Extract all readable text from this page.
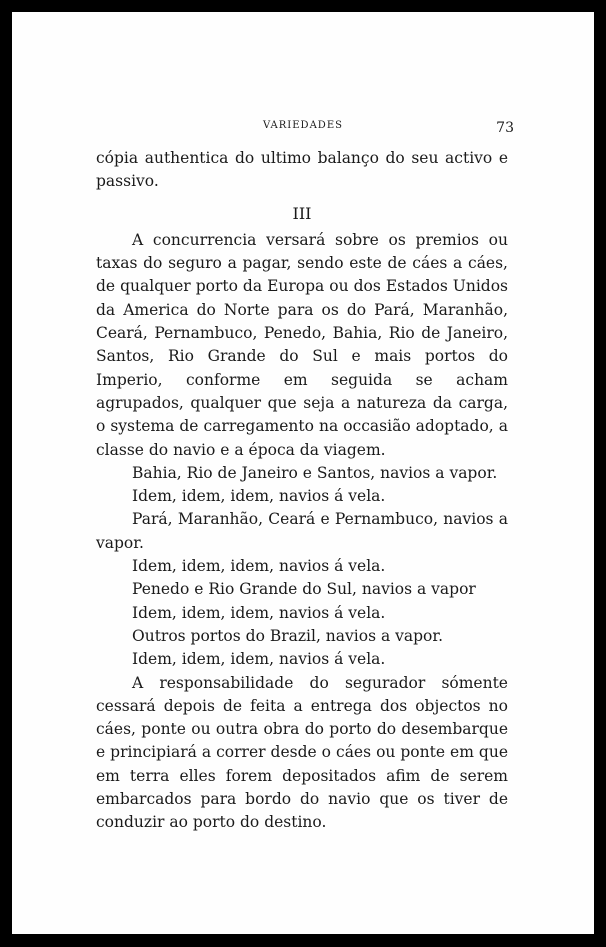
VARIEDADES	73

cópia authentica do ultimo balanço do seu activo e passivo.

III

A concurrencia versará sobre os premios ou taxas do seguro a pagar, sendo este de cáes a cáes, de qualquer porto da Europa ou dos Estados Unidos da America do Norte para os do Pará, Maranhão, Ceará, Pernambuco, Penedo, Bahia, Rio de Janeiro, Santos, Rio Grande do Sul e mais portos do Imperio, conforme em seguida se acham agrupados, qualquer que seja a natureza da carga, o systema de carregamento na occasião adoptado, a classe do navio e a época da viagem.

Bahia, Rio de Janeiro e Santos, navios a vapor.

Idem, idem, idem, navios á vela.

Pará, Maranhão, Ceará e Pernambuco, navios a vapor.

Idem, idem, idem, navios á vela.

Penedo e Rio Grande do Sul, navios a vapor

Idem, idem, idem, navios á vela.

Outros portos do Brazil, navios a vapor.

Idem, idem, idem, navios á vela.

A responsabilidade do segurador sómente cessará depois de feita a entrega dos objectos no cáes, ponte ou outra obra do porto do desembarque e principiará a correr desde o cáes ou ponte em que em terra elles forem depositados afim de serem embarcados para bordo do navio que os tiver de conduzir ao porto do destino.
